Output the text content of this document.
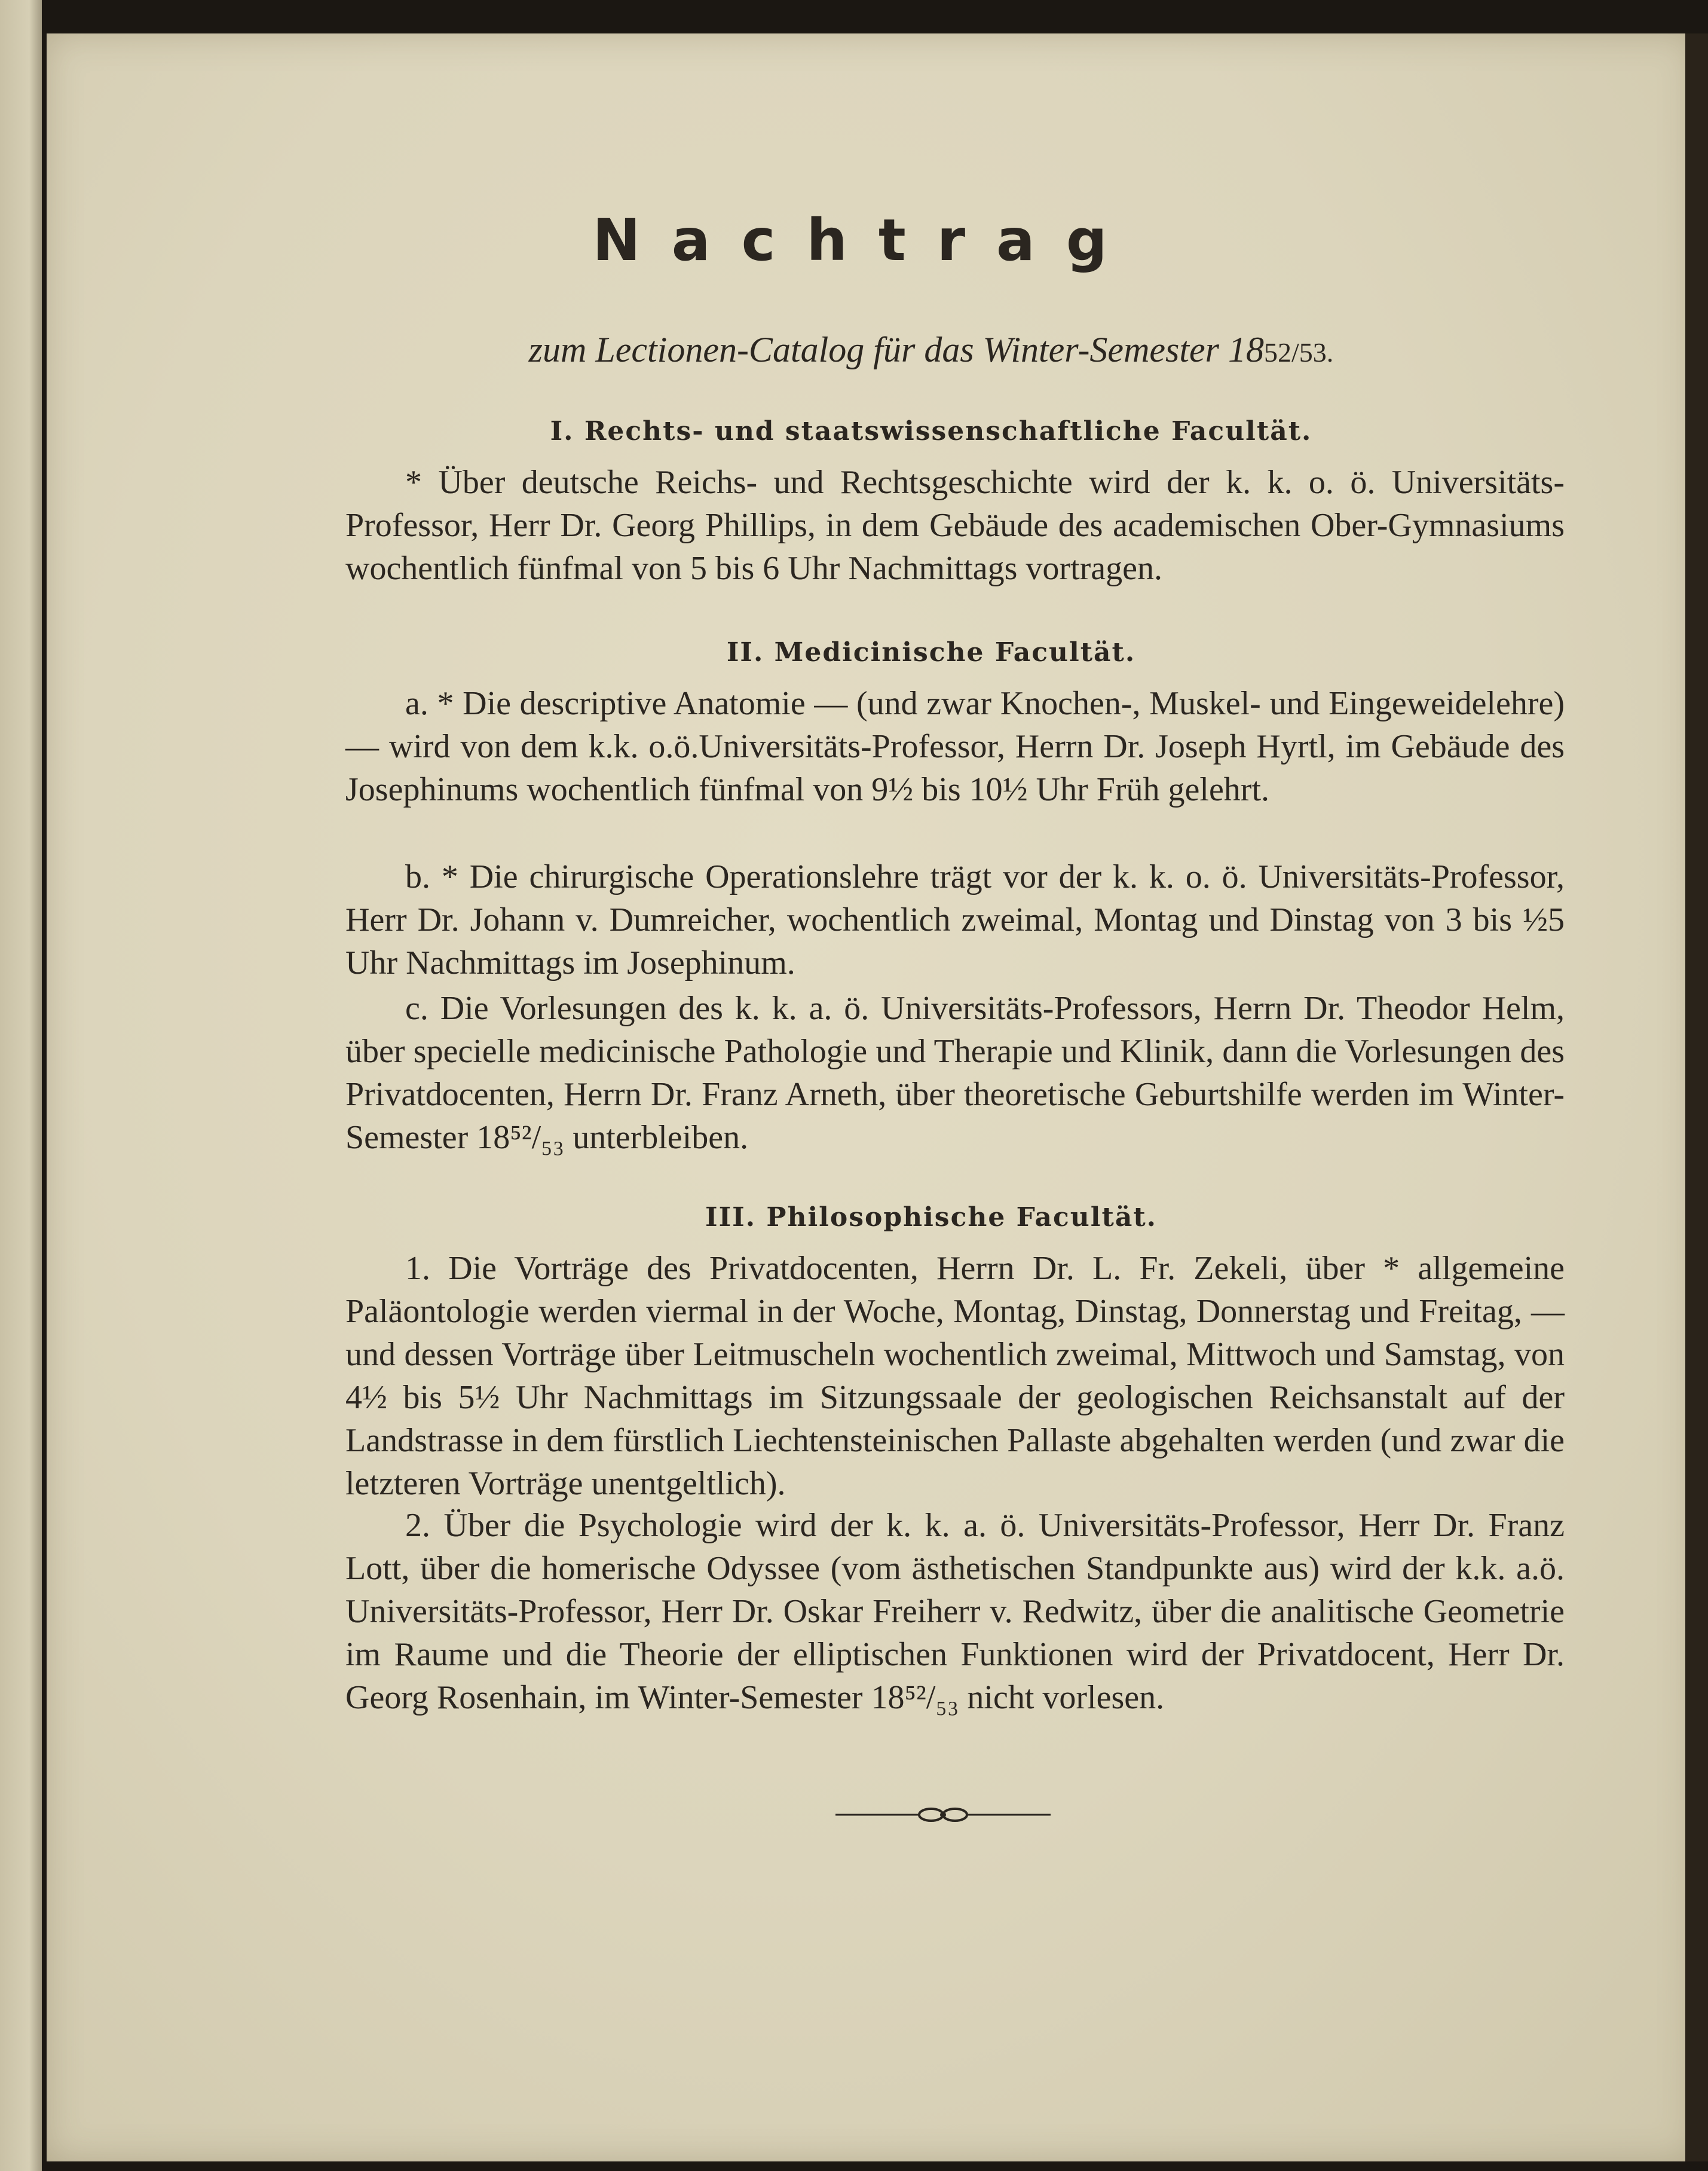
Nachtrag
zum Lectionen-Catalog für das Winter-Semester 1852/53.
I. Rechts- und staatswissenschaftliche Facultät.
* Über deutsche Reichs- und Rechtsgeschichte wird der k. k. o. ö. Universitäts-Professor, Herr Dr. Georg Phillips, in dem Gebäude des academischen Ober-Gymnasiums wochentlich fünfmal von 5 bis 6 Uhr Nachmittags vortragen.
II. Medicinische Facultät.
a. * Die descriptive Anatomie — (und zwar Knochen-, Muskel- und Eingeweidelehre) — wird von dem k.k. o.ö.Universitäts-Professor, Herrn Dr. Joseph Hyrtl, im Gebäude des Josephinums wochentlich fünfmal von 9½ bis 10½ Uhr Früh gelehrt.
b. * Die chirurgische Operationslehre trägt vor der k. k. o. ö. Universitäts-Professor, Herr Dr. Johann v. Dumreicher, wochentlich zweimal, Montag und Dinstag von 3 bis ½5 Uhr Nachmittags im Josephinum.
c. Die Vorlesungen des k. k. a. ö. Universitäts-Professors, Herrn Dr. Theodor Helm, über specielle medicinische Pathologie und Therapie und Klinik, dann die Vorlesungen des Privatdocenten, Herrn Dr. Franz Arneth, über theoretische Geburtshilfe werden im Winter-Semester 18⁵²/₅₃ unterbleiben.
III. Philosophische Facultät.
1. Die Vorträge des Privatdocenten, Herrn Dr. L. Fr. Zekeli, über * allgemeine Paläontologie werden viermal in der Woche, Montag, Dinstag, Donnerstag und Freitag, — und dessen Vorträge über Leitmuscheln wochentlich zweimal, Mittwoch und Samstag, von 4½ bis 5½ Uhr Nachmittags im Sitzungssaale der geologischen Reichsanstalt auf der Landstrasse in dem fürstlich Liechtensteinischen Pallaste abgehalten werden (und zwar die letzteren Vorträge unentgeltlich).
2. Über die Psychologie wird der k. k. a. ö. Universitäts-Professor, Herr Dr. Franz Lott, über die homerische Odyssee (vom ästhetischen Standpunkte aus) wird der k.k. a.ö. Universitäts-Professor, Herr Dr. Oskar Freiherr v. Redwitz, über die analitische Geometrie im Raume und die Theorie der elliptischen Funktionen wird der Privatdocent, Herr Dr. Georg Rosenhain, im Winter-Semester 18⁵²/₅₃ nicht vorlesen.
